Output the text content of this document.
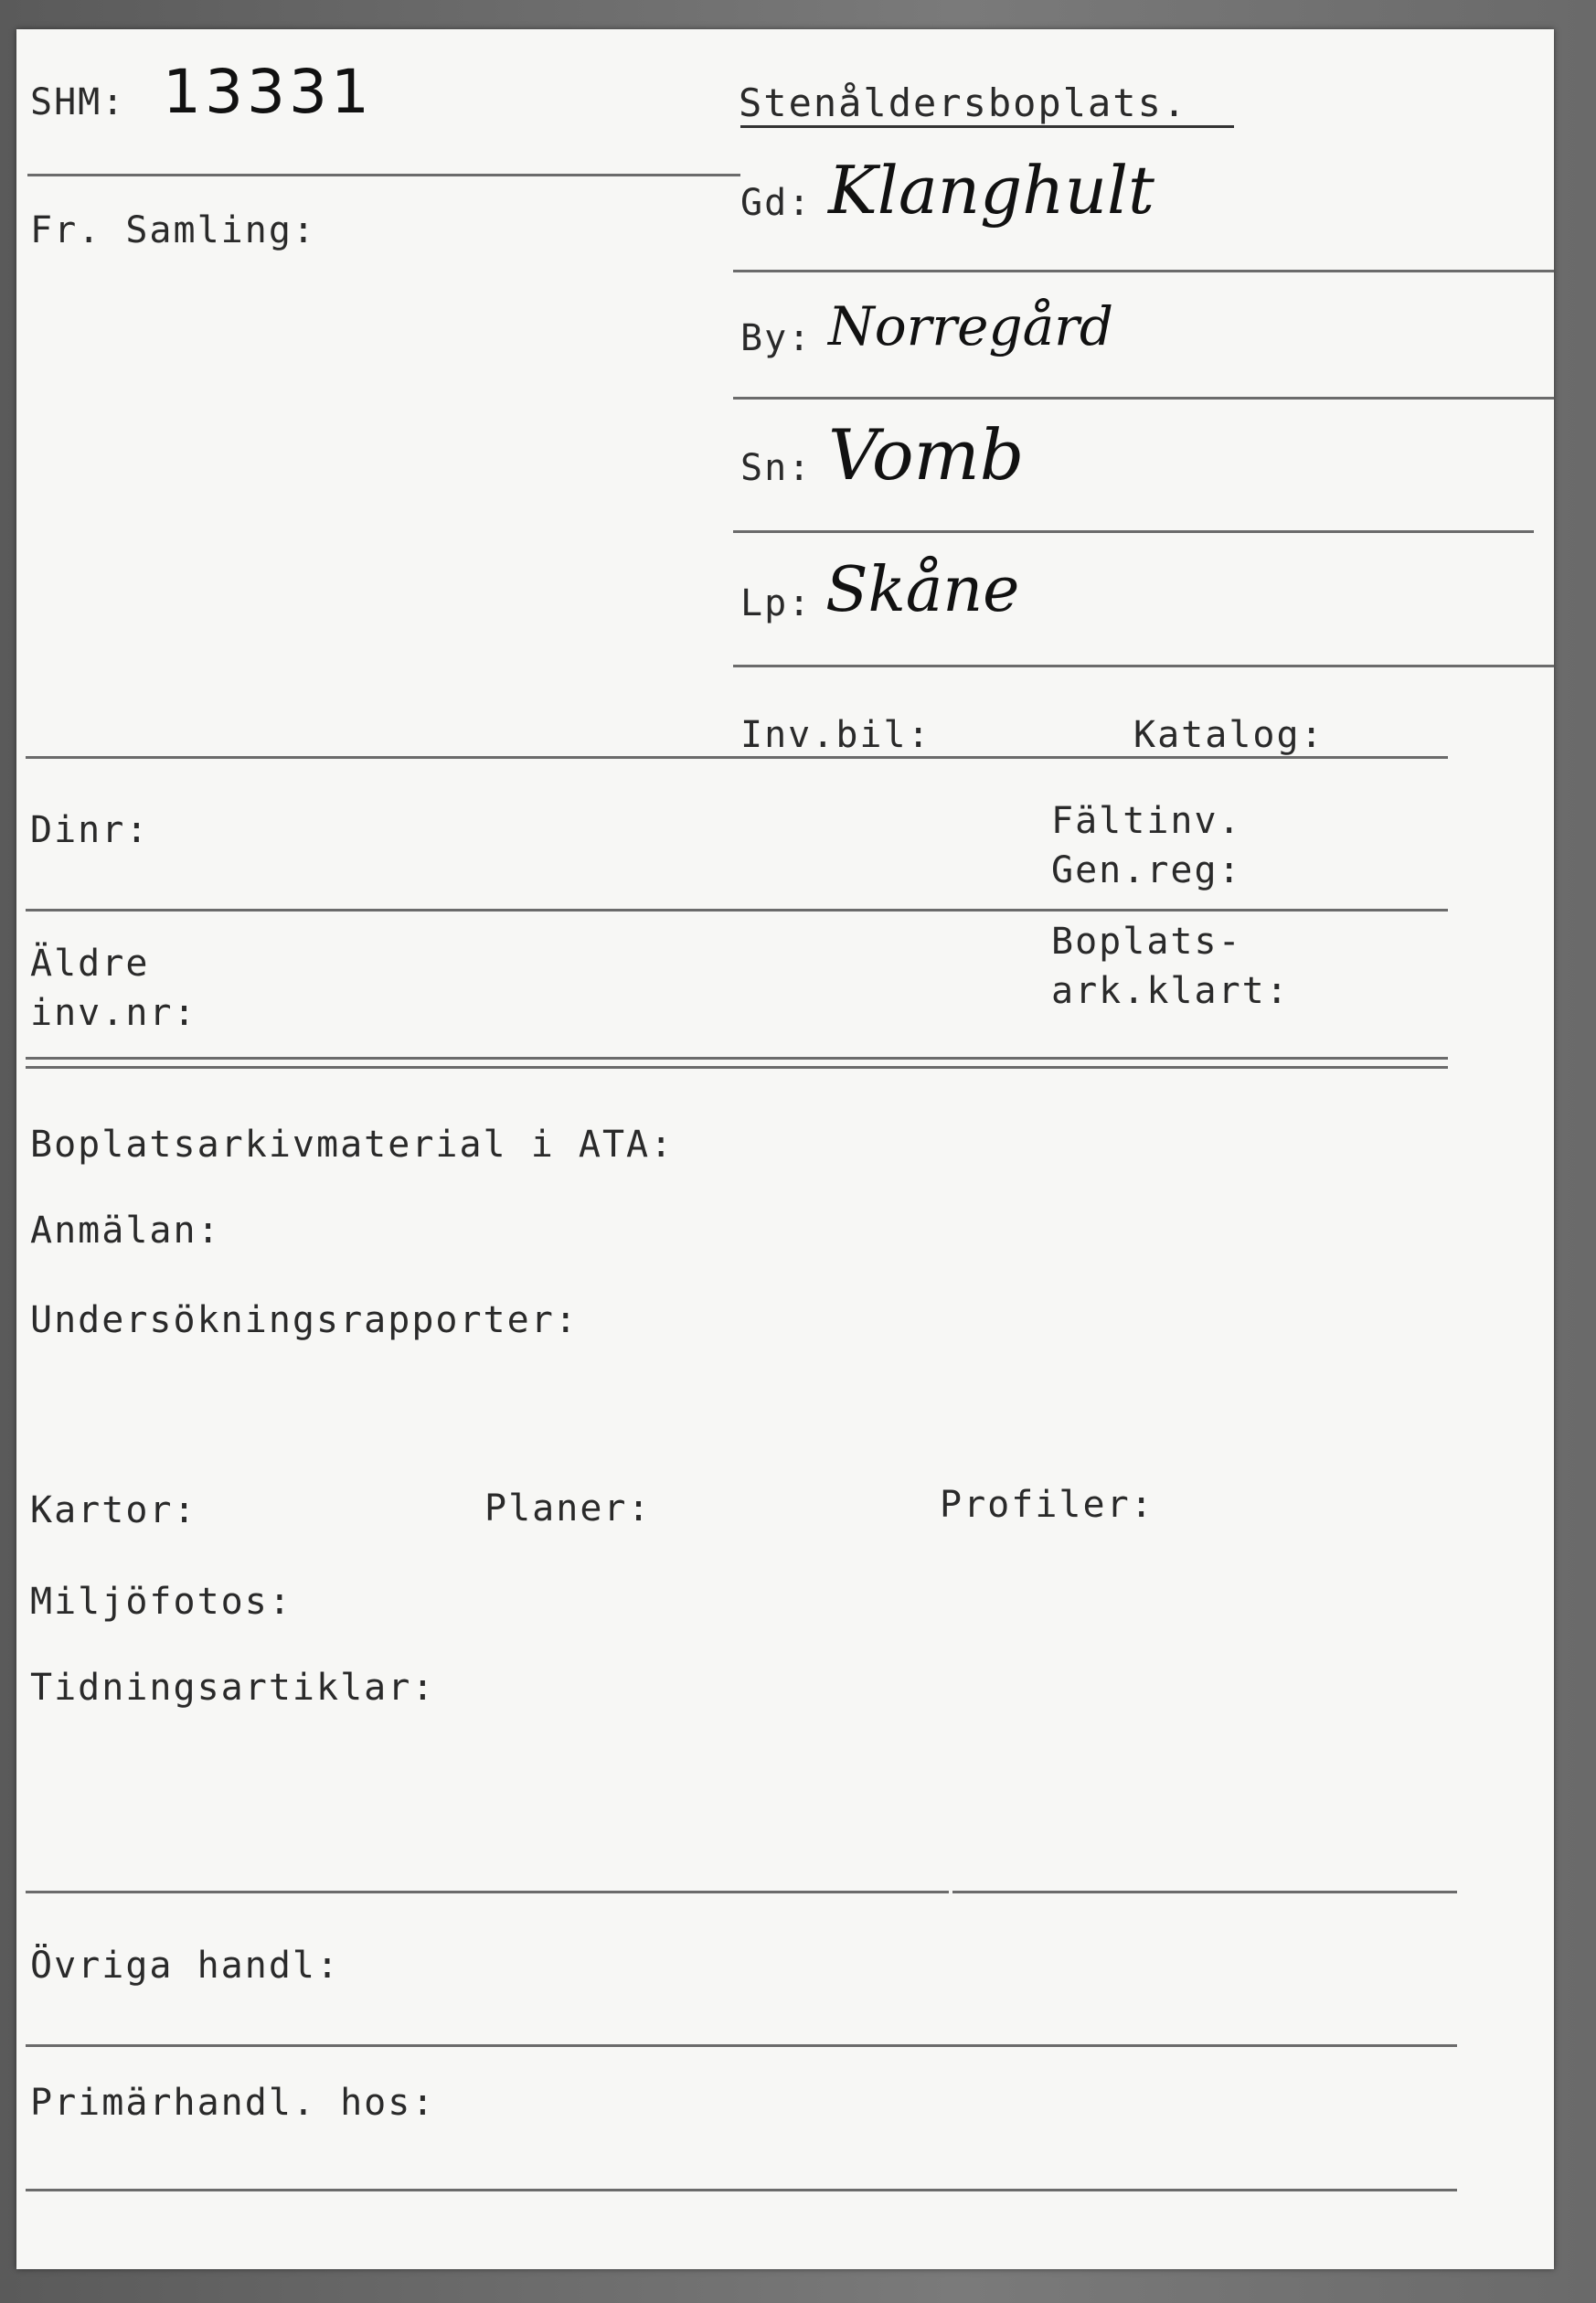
SHM: 13331	Stenåldersboplats.
Fr. Samling:
Gd: Klanghult
By: Norregård
Sn: Vomb
Lp: Skåne
Inv.bil:	Katalog:
Dinr:	Fältinv.
Gen.reg:
Äldre
inv.nr:
Boplats-
ark.klart:
Boplatsarkivmaterial i ATA:
Anmälan:
Undersökningsrapporter:
Kartor:	Planer:	Profiler:
Miljöfotos:
Tidningsartiklar:
Övriga handl:
Primärhandl. hos:
